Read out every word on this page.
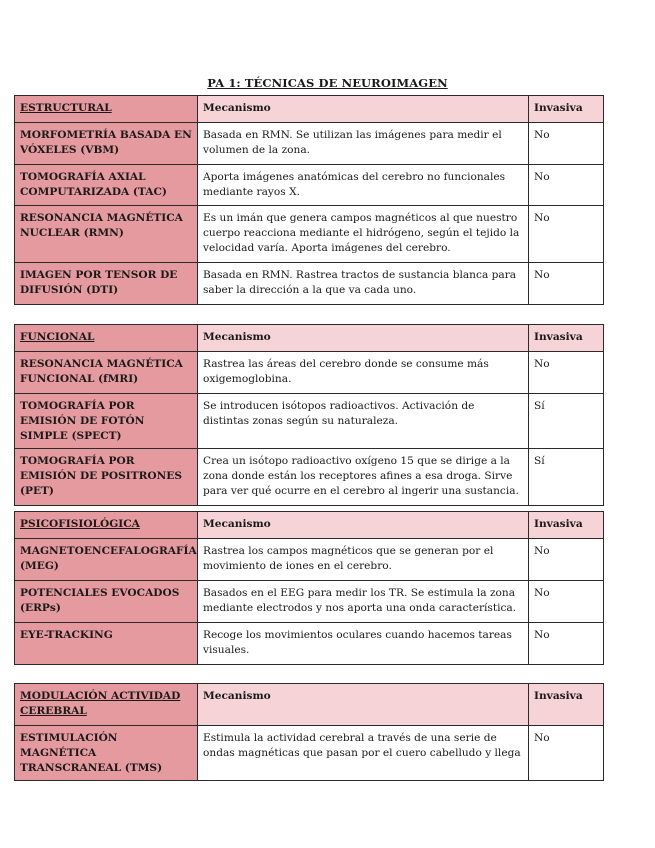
PA 1: TÉCNICAS DE NEUROIMAGEN
ESTRUCTURAL	Mecanismo	Invasiva
MORFOMETRÍA BASADA EN VÓXELES (VBM)	Basada en RMN. Se utilizan las imágenes para medir el volumen de la zona.	No
TOMOGRAFÍA AXIAL COMPUTARIZADA (TAC)	Aporta imágenes anatómicas del cerebro no funcionales mediante rayos X.	No
RESONANCIA MAGNÉTICA NUCLEAR (RMN)	Es un imán que genera campos magnéticos al que nuestro cuerpo reacciona mediante el hidrógeno, según el tejido la velocidad varía. Aporta imágenes del cerebro.	No
IMAGEN POR TENSOR DE DIFUSIÓN (DTI)	Basada en RMN. Rastrea tractos de sustancia blanca para saber la dirección a la que va cada uno.	No
FUNCIONAL	Mecanismo	Invasiva
RESONANCIA MAGNÉTICA FUNCIONAL (fMRI)	Rastrea las áreas del cerebro donde se consume más oxigemoglobina.	No
TOMOGRAFÍA POR EMISIÓN DE FOTÓN SIMPLE (SPECT)	Se introducen isótopos radioactivos. Activación de distintas zonas según su naturaleza.	Sí
TOMOGRAFÍA POR EMISIÓN DE POSITRONES (PET)	Crea un isótopo radioactivo oxígeno 15 que se dirige a la zona donde están los receptores afines a esa droga. Sirve para ver qué ocurre en el cerebro al ingerir una sustancia.	Sí
PSICOFISIOLÓGICA	Mecanismo	Invasiva
MAGNETOENCEFALOGRAFÍA (MEG)	Rastrea los campos magnéticos que se generan por el movimiento de iones en el cerebro.	No
POTENCIALES EVOCADOS (ERPs)	Basados en el EEG para medir los TR. Se estimula la zona mediante electrodos y nos aporta una onda característica.	No
EYE-TRACKING	Recoge los movimientos oculares cuando hacemos tareas visuales.	No
MODULACIÓN ACTIVIDAD CEREBRAL	Mecanismo	Invasiva
ESTIMULACIÓN MAGNÉTICA TRANSCRANEAL (TMS)	Estimula la actividad cerebral a través de una serie de ondas magnéticas que pasan por el cuero cabelludo y llega	No
